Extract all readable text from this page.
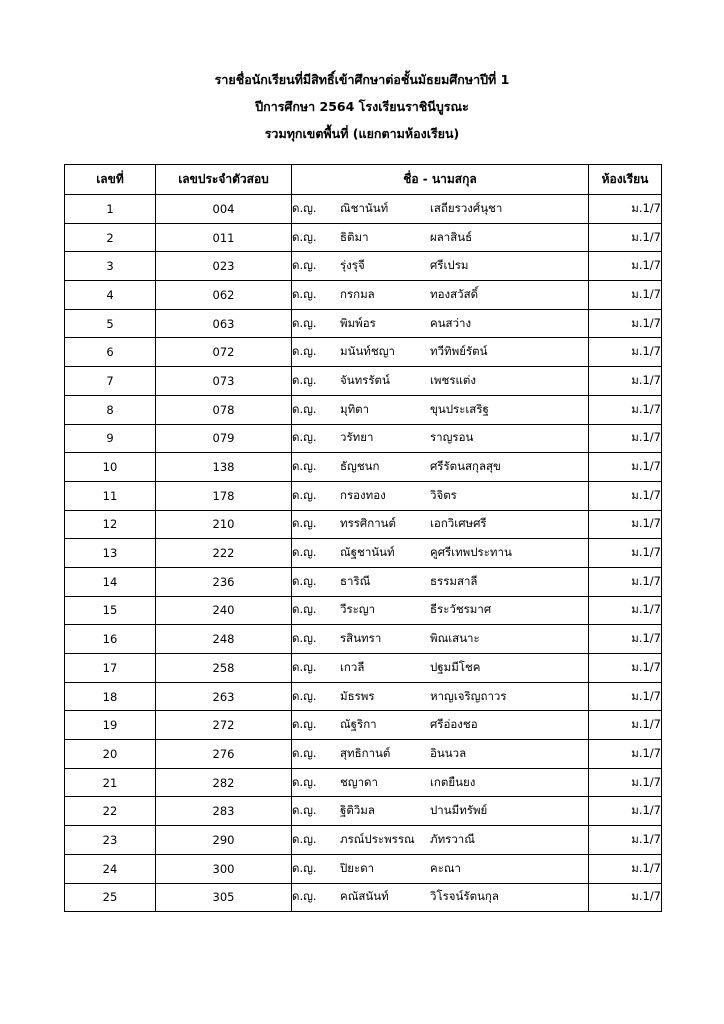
รายชื่อนักเรียนที่มีสิทธิ์เข้าศึกษาต่อชั้นมัธยมศึกษาปีที่ 1
ปีการศึกษา 2564 โรงเรียนราชินีบูรณะ
รวมทุกเขตพื้นที่ (แยกตามห้องเรียน)
เลขที่	เลขประจำตัวสอบ	ชื่อ - นามสกุล	ห้องเรียน
1	004	ด.ญ. ณิชานันท์ เสถียรวงศ์นุชา	ม.1/7
2	011	ด.ญ. ธิติมา ผลาสินธ์	ม.1/7
3	023	ด.ญ. รุ่งรุจี ศรีเปรม	ม.1/7
4	062	ด.ญ. กรกมล ทองสวัสดิ์	ม.1/7
5	063	ด.ญ. พิมพ์อร คนสว่าง	ม.1/7
6	072	ด.ญ. มนันท์ชญา ทวีทิพย์รัตน์	ม.1/7
7	073	ด.ญ. จันทรรัตน์ เพชรแต่ง	ม.1/7
8	078	ด.ญ. มุทิตา ขุนประเสริฐ	ม.1/7
9	079	ด.ญ. วรัทยา ราญรอน	ม.1/7
10	138	ด.ญ. ธัญชนก ศรีรัตนสกุลสุข	ม.1/7
11	178	ด.ญ. กรองทอง วิจิตร	ม.1/7
12	210	ด.ญ. ทรรศิกานต์ เอกวิเศษศรี	ม.1/7
13	222	ด.ญ. ณัฐชานันท์ คูศรีเทพประทาน	ม.1/7
14	236	ด.ญ. ธาริณี ธรรมสาลี	ม.1/7
15	240	ด.ญ. วีระญา ธีระวัชรมาศ	ม.1/7
16	248	ด.ญ. รสินทรา พิณเสนาะ	ม.1/7
17	258	ด.ญ. เกวลี ปฐมมีโชค	ม.1/7
18	263	ด.ญ. มัธรพร หาญเจริญถาวร	ม.1/7
19	272	ด.ญ. ณัฐริกา ศรีอ่องชอ	ม.1/7
20	276	ด.ญ. สุทธิกานต์ อินนวล	ม.1/7
21	282	ด.ญ. ชญาดา เกตยืนยง	ม.1/7
22	283	ด.ญ. ฐิติวิมล ปานมีทรัพย์	ม.1/7
23	290	ด.ญ. ภรณ์ประพรรณ ภัทรวาณี	ม.1/7
24	300	ด.ญ. ปิยะดา คะณา	ม.1/7
25	305	ด.ญ. คณัสนันท์ วิโรจน์รัตนกุล	ม.1/7
